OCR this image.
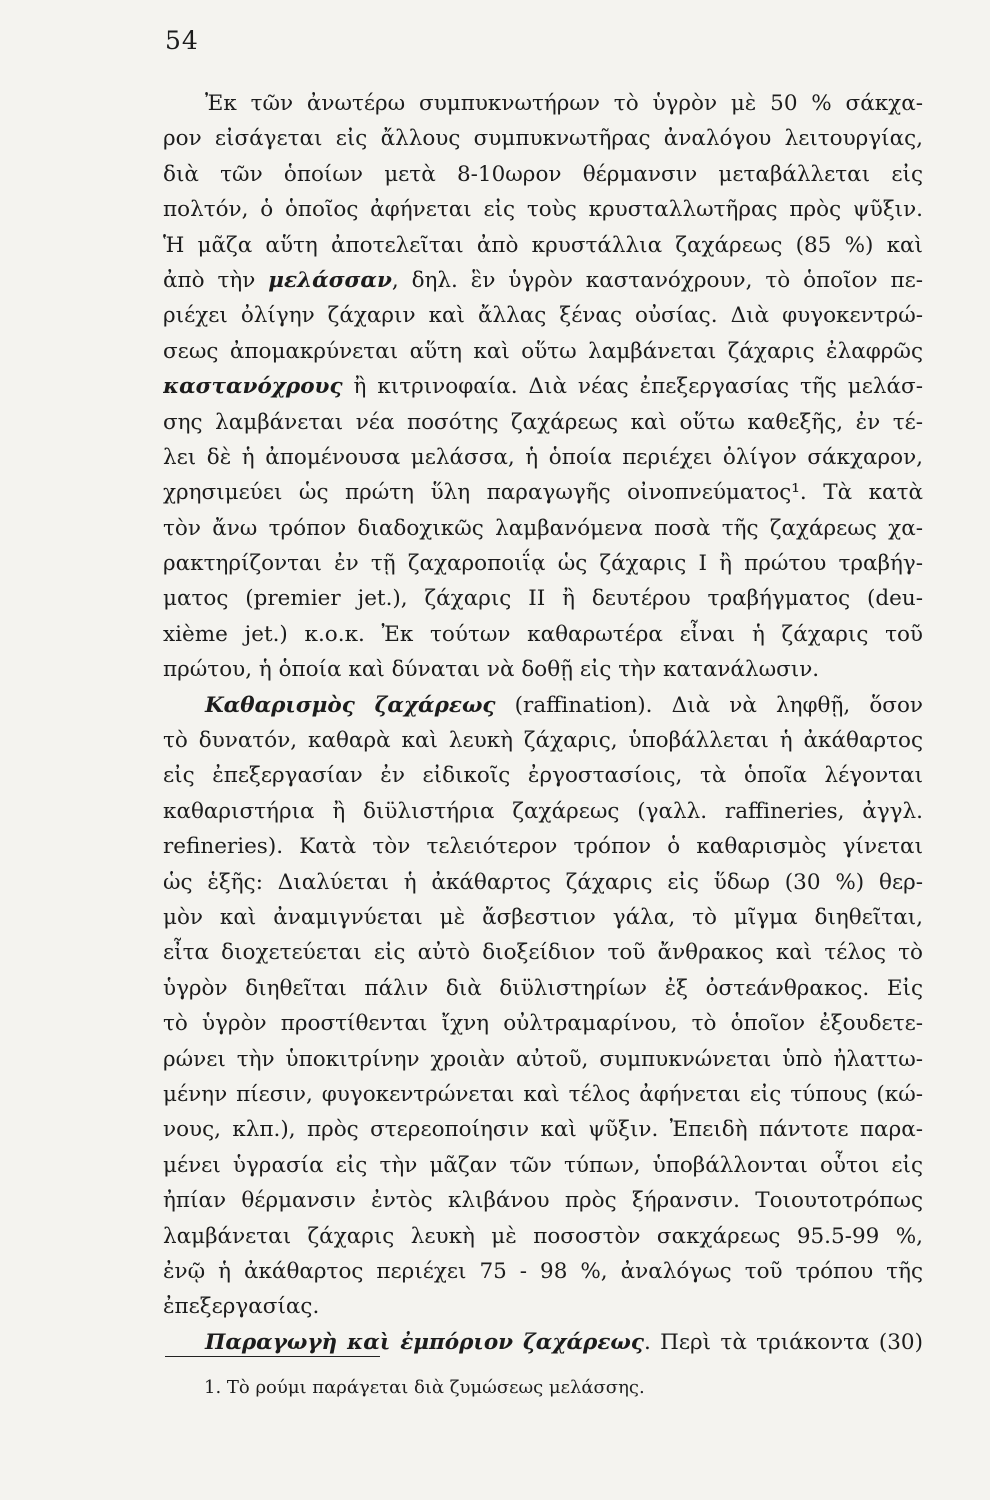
54
Ἐκ τῶν ἀνωτέρω συμπυκνωτήρων τὸ ὑγρὸν μὲ 50 % σάκχα-
ρον εἰσάγεται εἰς ἄλλους συμπυκνωτῆρας ἀναλόγου λειτουργίας,
διὰ τῶν ὁποίων μετὰ 8-10ωρον θέρμανσιν μεταβάλλεται εἰς
πολτόν, ὁ ὁποῖος ἀφήνεται εἰς τοὺς κρυσταλλωτῆρας πρὸς ψῦξιν.
Ἡ μᾶζα αὕτη ἀποτελεῖται ἀπὸ κρυστάλλια ζαχάρεως (85 %) καὶ
ἀπὸ τὴν μελάσσαν, δηλ. ἓν ὑγρὸν καστανόχρουν, τὸ ὁποῖον πε-
ριέχει ὀλίγην ζάχαριν καὶ ἄλλας ξένας οὐσίας. Διὰ φυγοκεντρώ-
σεως ἀπομακρύνεται αὕτη καὶ οὕτω λαμβάνεται ζάχαρις ἐλαφρῶς
καστανόχρους ἢ κιτρινοφαία. Διὰ νέας ἐπεξεργασίας τῆς μελάσ-
σης λαμβάνεται νέα ποσότης ζαχάρεως καὶ οὕτω καθεξῆς, ἐν τέ-
λει δὲ ἡ ἀπομένουσα μελάσσα, ἡ ὁποία περιέχει ὀλίγον σάκχαρον,
χρησιμεύει ὡς πρώτη ὕλη παραγωγῆς οἰνοπνεύματος¹. Τὰ κατὰ
τὸν ἄνω τρόπον διαδοχικῶς λαμβανόμενα ποσὰ τῆς ζαχάρεως χα-
ρακτηρίζονται ἐν τῇ ζαχαροποιΐᾳ ὡς ζάχαρις I ἢ πρώτου τραβήγ-
ματος (premier jet.), ζάχαρις II ἢ δευτέρου τραβήγματος (deu-
xième jet.) κ.ο.κ. Ἐκ τούτων καθαρωτέρα εἶναι ἡ ζάχαρις τοῦ
πρώτου, ἡ ὁποία καὶ δύναται νὰ δοθῇ εἰς τὴν κατανάλωσιν.
Καθαρισμὸς ζαχάρεως (raffination). Διὰ νὰ ληφθῇ, ὅσον
τὸ δυνατόν, καθαρὰ καὶ λευκὴ ζάχαρις, ὑποβάλλεται ἡ ἀκάθαρτος
εἰς ἐπεξεργασίαν ἐν εἰδικοῖς ἐργοστασίοις, τὰ ὁποῖα λέγονται
καθαριστήρια ἢ διϋλιστήρια ζαχάρεως (γαλλ. raffineries, ἀγγλ.
refineries). Κατὰ τὸν τελειότερον τρόπον ὁ καθαρισμὸς γίνεται
ὡς ἑξῆς: Διαλύεται ἡ ἀκάθαρτος ζάχαρις εἰς ὕδωρ (30 %) θερ-
μὸν καὶ ἀναμιγνύεται μὲ ἄσβεστιον γάλα, τὸ μῖγμα διηθεῖται,
εἶτα διοχετεύεται εἰς αὐτὸ διοξείδιον τοῦ ἄνθρακος καὶ τέλος τὸ
ὑγρὸν διηθεῖται πάλιν διὰ διϋλιστηρίων ἐξ ὀστεάνθρακος. Εἰς
τὸ ὑγρὸν προστίθενται ἴχνη οὐλτραμαρίνου, τὸ ὁποῖον ἐξουδετε-
ρώνει τὴν ὑποκιτρίνην χροιὰν αὐτοῦ, συμπυκνώνεται ὑπὸ ἠλαττω-
μένην πίεσιν, φυγοκεντρώνεται καὶ τέλος ἀφήνεται εἰς τύπους (κώ-
νους, κλπ.), πρὸς στερεοποίησιν καὶ ψῦξιν. Ἐπειδὴ πάντοτε παρα-
μένει ὑγρασία εἰς τὴν μᾶζαν τῶν τύπων, ὑποβάλλονται οὗτοι εἰς
ἠπίαν θέρμανσιν ἐντὸς κλιβάνου πρὸς ξήρανσιν. Τοιουτοτρόπως
λαμβάνεται ζάχαρις λευκὴ μὲ ποσοστὸν σακχάρεως 95.5-99 %,
ἐνῷ ἡ ἀκάθαρτος περιέχει 75 - 98 %, ἀναλόγως τοῦ τρόπου τῆς
ἐπεξεργασίας.
Παραγωγὴ καὶ ἐμπόριον ζαχάρεως. Περὶ τὰ τριάκοντα (30)
1. Τὸ ρούμι παράγεται διὰ ζυμώσεως μελάσσης.
